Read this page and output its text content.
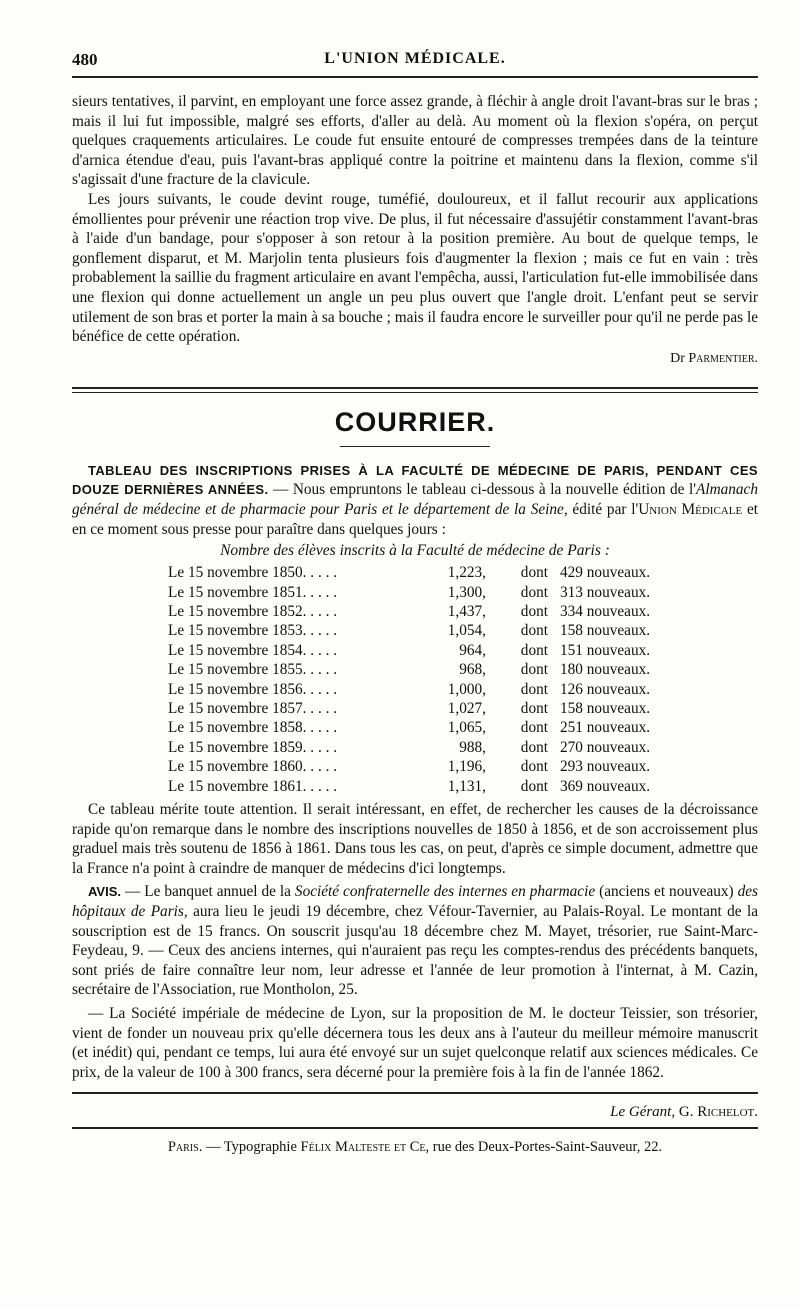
480	L'UNION MÉDICALE.

sieurs tentatives, il parvint, en employant une force assez grande, à fléchir à angle droit l'avant-bras sur le bras ; mais il lui fut impossible, malgré ses efforts, d'aller au delà. Au moment où la flexion s'opéra, on perçut quelques craquements articulaires. Le coude fut ensuite entouré de compresses trempées dans de la teinture d'arnica étendue d'eau, puis l'avant-bras appliqué contre la poitrine et maintenu dans la flexion, comme s'il s'agissait d'une fracture de la clavicule.

Les jours suivants, le coude devint rouge, tuméfié, douloureux, et il fallut recourir aux applications émollientes pour prévenir une réaction trop vive. De plus, il fut nécessaire d'assujétir constamment l'avant-bras à l'aide d'un bandage, pour s'opposer à son retour à la position première. Au bout de quelque temps, le gonflement disparut, et M. Marjolin tenta plusieurs fois d'augmenter la flexion ; mais ce fut en vain : très probablement la saillie du fragment articulaire en avant l'empêcha, aussi, l'articulation fut-elle immobilisée dans une flexion qui donne actuellement un angle un peu plus ouvert que l'angle droit. L'enfant peut se servir utilement de son bras et porter la main à sa bouche ; mais il faudra encore le surveiller pour qu'il ne perde pas le bénéfice de cette opération.

Dr Parmentier.

COURRIER.

TABLEAU DES INSCRIPTIONS PRISES À LA FACULTÉ DE MÉDECINE DE PARIS, PENDANT CES DOUZE DERNIÈRES ANNÉES. — Nous empruntons le tableau ci-dessous à la nouvelle édition de l'Almanach général de médecine et de pharmacie pour Paris et le département de la Seine, édité par l'Union Médicale et en ce moment sous presse pour paraître dans quelques jours :

Nombre des élèves inscrits à la Faculté de médecine de Paris :

Le 15 novembre 1850. . . . .	1,223,	dont	429 nouveaux.
Le 15 novembre 1851. . . . .	1,300,	dont	313 nouveaux.
Le 15 novembre 1852. . . . .	1,437,	dont	334 nouveaux.
Le 15 novembre 1853. . . . .	1,054,	dont	158 nouveaux.
Le 15 novembre 1854. . . . .	964,	dont	151 nouveaux.
Le 15 novembre 1855. . . . .	968,	dont	180 nouveaux.
Le 15 novembre 1856. . . . .	1,000,	dont	126 nouveaux.
Le 15 novembre 1857. . . . .	1,027,	dont	158 nouveaux.
Le 15 novembre 1858. . . . .	1,065,	dont	251 nouveaux.
Le 15 novembre 1859. . . . .	988,	dont	270 nouveaux.
Le 15 novembre 1860. . . . .	1,196,	dont	293 nouveaux.
Le 15 novembre 1861. . . . .	1,131,	dont	369 nouveaux.

Ce tableau mérite toute attention. Il serait intéressant, en effet, de rechercher les causes de la décroissance rapide qu'on remarque dans le nombre des inscriptions nouvelles de 1850 à 1856, et de son accroissement plus graduel mais très soutenu de 1856 à 1861. Dans tous les cas, on peut, d'après ce simple document, admettre que la France n'a point à craindre de manquer de médecins d'ici longtemps.

AVIS. — Le banquet annuel de la Société confraternelle des internes en pharmacie (anciens et nouveaux) des hôpitaux de Paris, aura lieu le jeudi 19 décembre, chez Véfour-Tavernier, au Palais-Royal. Le montant de la souscription est de 15 francs. On souscrit jusqu'au 18 décembre chez M. Mayet, trésorier, rue Saint-Marc-Feydeau, 9. — Ceux des anciens internes, qui n'auraient pas reçu les comptes-rendus des précédents banquets, sont priés de faire connaître leur nom, leur adresse et l'année de leur promotion à l'internat, à M. Cazin, secrétaire de l'Association, rue Montholon, 25.

— La Société impériale de médecine de Lyon, sur la proposition de M. le docteur Teissier, son trésorier, vient de fonder un nouveau prix qu'elle décernera tous les deux ans à l'auteur du meilleur mémoire manuscrit (et inédit) qui, pendant ce temps, lui aura été envoyé sur un sujet quelconque relatif aux sciences médicales. Ce prix, de la valeur de 100 à 300 francs, sera décerné pour la première fois à la fin de l'année 1862.

Le Gérant, G. Richelot.

Paris. — Typographie Félix Malteste et Ce, rue des Deux-Portes-Saint-Sauveur, 22.
